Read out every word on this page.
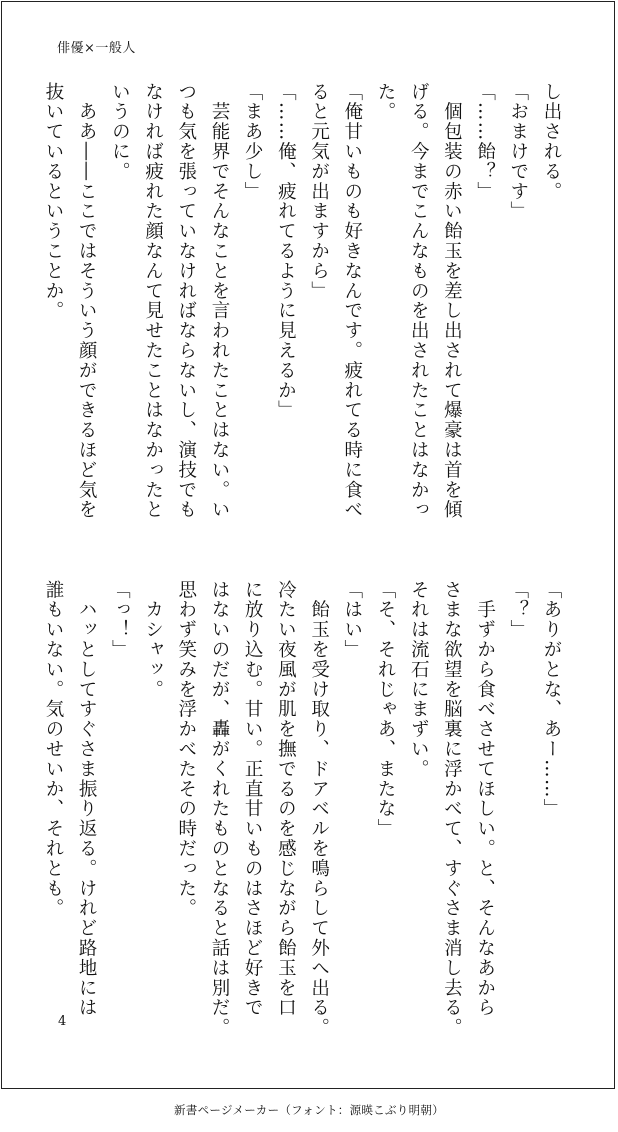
俳優×一般人
し出される。
「おまけです」
「……飴？」
　個包装の赤い飴玉を差し出されて爆豪は首を傾
げる。今までこんなものを出されたことはなかっ
た。
「俺甘いものも好きなんです。疲れてる時に食べ
ると元気が出ますから」
「……俺、疲れてるように見えるか」
「まあ少し」
　芸能界でそんなことを言われたことはない。い
つも気を張っていなければならないし、演技でも
なければ疲れた顔なんて見せたことはなかったと
いうのに。
　ああ――ここではそういう顔ができるほど気を
抜いているということか。
「ありがとな、あー……」
「？」
　手ずから食べさせてほしい。と、そんなあから
さまな欲望を脳裏に浮かべて、すぐさま消し去る。
それは流石にまずい。
「そ、それじゃあ、またな」
「はい」
　飴玉を受け取り、ドアベルを鳴らして外へ出る。
冷たい夜風が肌を撫でるのを感じながら飴玉を口
に放り込む。甘い。正直甘いものはさほど好きで
はないのだが、轟がくれたものとなると話は別だ。
思わず笑みを浮かべたその時だった。
　カシャッ。
「っ！」
　ハッとしてすぐさま振り返る。けれど路地には
誰もいない。気のせいか、それとも。
4
新書ページメーカー（フォント：源暎こぶり明朝）
